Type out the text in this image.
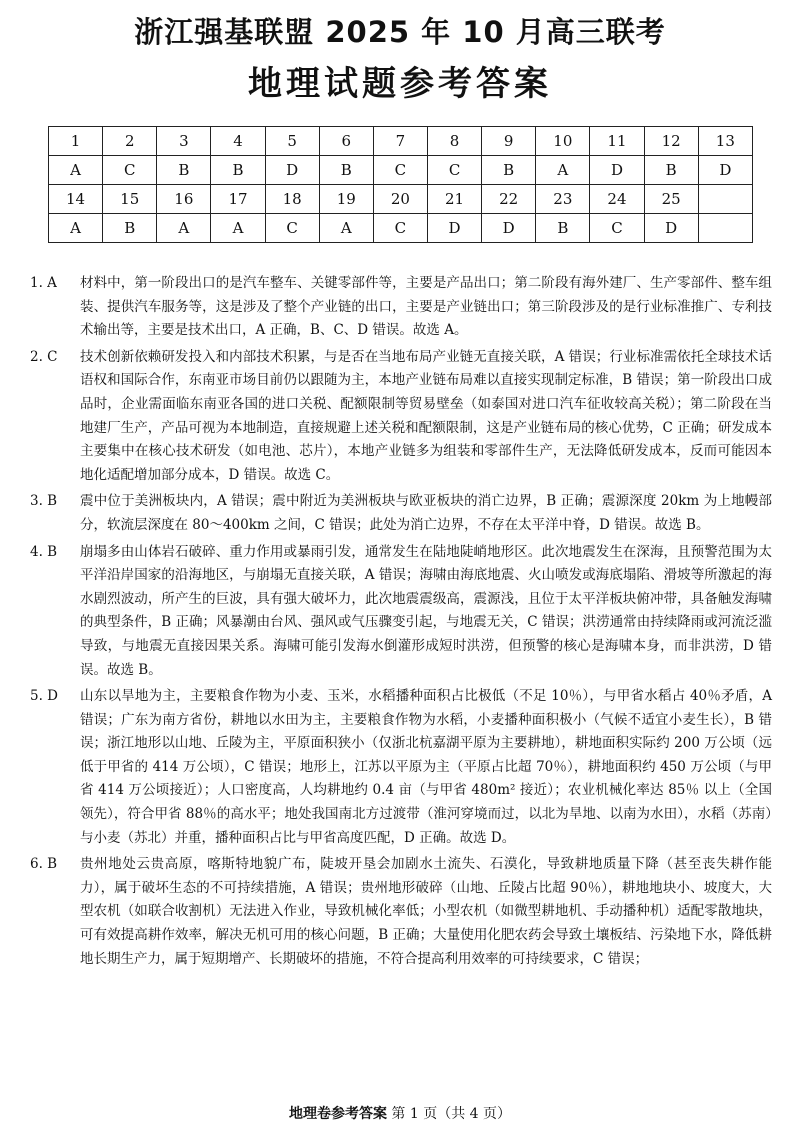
浙江强基联盟 2025 年 10 月高三联考
地理试题参考答案
1	2	3	4	5	6	7	8	9	10	11	12	13
A	C	B	B	D	B	C	C	B	A	D	B	D
14	15	16	17	18	19	20	21	22	23	24	25	
A	B	A	A	C	A	C	D	D	B	C	D	
1. A	材料中，第一阶段出口的是汽车整车、关键零部件等，主要是产品出口；第二阶段有海外建厂、生产零部件、整车组装、提供汽车服务等，这是涉及了整个产业链的出口，主要是产业链出口；第三阶段涉及的是行业标准推广、专利技术输出等，主要是技术出口，A 正确，B、C、D 错误。故选 A。
2. C	技术创新依赖研发投入和内部技术积累，与是否在当地布局产业链无直接关联，A 错误；行业标准需依托全球技术话语权和国际合作，东南亚市场目前仍以跟随为主，本地产业链布局难以直接实现制定标准，B 错误；第一阶段出口成品时，企业需面临东南亚各国的进口关税、配额限制等贸易壁垒（如泰国对进口汽车征收较高关税）；第二阶段在当地建厂生产，产品可视为本地制造，直接规避上述关税和配额限制，这是产业链布局的核心优势，C 正确；研发成本主要集中在核心技术研发（如电池、芯片），本地产业链多为组装和零部件生产，无法降低研发成本，反而可能因本地化适配增加部分成本，D 错误。故选 C。
3. B	震中位于美洲板块内，A 错误；震中附近为美洲板块与欧亚板块的消亡边界，B 正确；震源深度 20km 为上地幔部分，软流层深度在 80～400km 之间，C 错误；此处为消亡边界，不存在太平洋中脊，D 错误。故选 B。
4. B	崩塌多由山体岩石破碎、重力作用或暴雨引发，通常发生在陆地陡峭地形区。此次地震发生在深海，且预警范围为太平洋沿岸国家的沿海地区，与崩塌无直接关联，A 错误；海啸由海底地震、火山喷发或海底塌陷、滑坡等所激起的海水剧烈波动，所产生的巨波，具有强大破坏力，此次地震震级高，震源浅，且位于太平洋板块俯冲带，具备触发海啸的典型条件，B 正确；风暴潮由台风、强风或气压骤变引起，与地震无关，C 错误；洪涝通常由持续降雨或河流泛滥导致，与地震无直接因果关系。海啸可能引发海水倒灌形成短时洪涝，但预警的核心是海啸本身，而非洪涝，D 错误。故选 B。
5. D	山东以旱地为主，主要粮食作物为小麦、玉米，水稻播种面积占比极低（不足 10％），与甲省水稻占 40％矛盾，A 错误；广东为南方省份，耕地以水田为主，主要粮食作物为水稻，小麦播种面积极小（气候不适宜小麦生长），B 错误；浙江地形以山地、丘陵为主，平原面积狭小（仅浙北杭嘉湖平原为主要耕地），耕地面积实际约 200 万公顷（远低于甲省的 414 万公顷），C 错误；地形上，江苏以平原为主（平原占比超 70％），耕地面积约 450 万公顷（与甲省 414 万公顷接近）；人口密度高，人均耕地约 0.4 亩（与甲省 480m² 接近）；农业机械化率达 85％ 以上（全国领先），符合甲省 88％的高水平；地处我国南北方过渡带（淮河穿境而过，以北为旱地、以南为水田），水稻（苏南）与小麦（苏北）并重，播种面积占比与甲省高度匹配，D 正确。故选 D。
6. B	贵州地处云贵高原，喀斯特地貌广布，陡坡开垦会加剧水土流失、石漠化，导致耕地质量下降（甚至丧失耕作能力），属于破坏生态的不可持续措施，A 错误；贵州地形破碎（山地、丘陵占比超 90％），耕地地块小、坡度大，大型农机（如联合收割机）无法进入作业，导致机械化率低；小型农机（如微型耕地机、手动播种机）适配零散地块，可有效提高耕作效率，解决无机可用的核心问题，B 正确；大量使用化肥农药会导致土壤板结、污染地下水，降低耕地长期生产力，属于短期增产、长期破坏的措施，不符合提高利用效率的可持续要求，C 错误；
地理卷参考答案 第 1 页（共 4 页）
